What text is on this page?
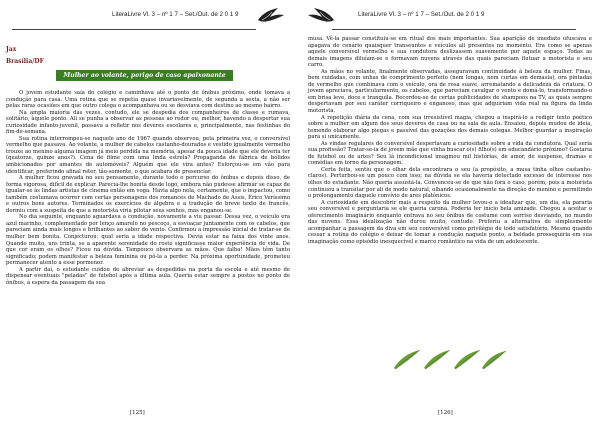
LiteraLivre Vl. 3 – nº 1 7 – Set./Out. de 2 0 1 9
Jax
Brasília/DF
Mulher ao volante, perigo de caso apaixonante

O jovem estudante saía do colégio e caminhava até o ponto de ônibus próximo, onde tomava a condução para casa. Uma rotina que se repetia quase invariavelmente, de segunda a sexta, a não ser pelas raras ocasiões em que outro colega o acompanhava ou se desviava com destino ao mesmo bairro.

Na ampla maioria das vezes, contudo, ele se despedia dos companheiros de classe e rumava, solitário, àquele ponto. Ali se punha a observar as pessoas ao redor ou, melhor, havendo a despertar sua curiosidade infanto-juvenil, passava a refletir nos deveres escolares e, principalmente, nas festinhas do fim-de-semana.

Sua rotina interrompeu-se naquele ano de 1967 quando observou, pela primeira vez, o conversível vermelho que passava. Ao volante, a mulher de cabelos castanho-dourados e vestido igualmente vermelho trouxe ao menino alguma imagem já meio perdida na memória, apesar da pouca idade que ele deveria ter (quatorze, quinze anos?). Cena de filme com uma linda estrela? Propaganda de fábrica de bólidos ambicionados por amantes de automóveis? Alguém que ele vira antes? Esforçou-se em vão para identificar, preferindo afinal reter, tão-somente, o que acabara de presenciar.

A mulher ficou gravada no seu pensamento, durante todo o percurso do ônibus e depois disso, de forma vigorosa, difícil de explicar. Parecia-lhe bonita desde logo, embora não pudesse afirmar se capaz de igualar-se às lindas artistas de cinema então em voga. Havia algo nela, certamente, que o impactou, como também costumava ocorrer com certas personagens dos romances de Machado de Assis, Érico Veríssimo e outros bons autores. Terminados os exercícios de álgebra e a tradução do breve texto de francês, dormiu com a suspeita de que a motorista viria pilotar seus sonhos, mas enganou-se.

No dia seguinte, enquanto aguardava a condução, novamente a viu passar. Dessa vez, o veículo era azul marinho, complementado por lenço amarelo no pescoço, a esvoaçar juntamente com os cabelos, que pareciam ainda mais longos e brilhantes ao sabor do vento. Confirmou a impressão inicial de tratar-se de mulher bem bonita. Conjecturou: qual seria a idade respectiva. Devia estar na faixa dos vinte anos. Quando muito, uns trinta, se a aparente serenidade do rosto significasse maior experiência de vida. De que cor eram os olhos? Ficou na dúvida. Tampouco observara as mãos. Que falha! Mãos têm tanto significado; podem manifestar a beleza feminina ou pô-la a perder. Na próxima oportunidade, prometeu permanecer atento a esse pormenor.

A partir daí, o estudante cuidou de abreviar as despedidas na porta da escola e até mesmo de dispensar eventuais "peladas" de futebol após a última aula. Queria estar sempre a postos no ponto de ônibus, à espera da passagem da sua

[125]
LiteraLivre Vl. 3 – nº 1 7 – Set./Out. de 2 0 1 9

musa. Vê-la passar constituiu-se em ritual dos mais importantes. Sua aparição de imediato ofuscava e apagava do cenário quaisquer transeuntes e veículos ali presentes no momento. Era como se apenas aquele conversível vermelho e sua condutora deslizassem suavemente por aquele espaço. Todas as demais imagens diluíam-se e formavam nuvens através das quais pareciam flutuar a motorista e seu carro.

As mãos no volante, finalmente observadas, asseguravam continuidade à beleza da mulher. Finas, bem cuidadas, com unhas de comprimento perfeito (nem longas, nem curtas em demasia), ora pintadas de vermelho que combinava com o veículo, ora de rosa suave, arrematando a delicadeza da criatura. O jovem apreciava, particularmente, os cabelos, que pareciam cavalgar o vento e domá-lo, transformando-o em brisa leve, doce e tranquila. Recordou-se de certas publicidades de shampoos na TV, as quais sempre despertavam por seu caráter corriqueiro e enganoso, mas que adquiriam vida real na figura da linda motorista.

A repetição diária da cena, com sua irresistível magia, chegou a inspirá-lo a redigir texto poético sobre a mulher em algum dos seus deveres de casa ou na sala de aula. Ensaiou, depois mudou de ideia, temendo elaborar algo piegas e passível das gozações dos demais colegas. Melhor guardar a inspiração para si unicamente.

As vindas regulares do conversível despertavam a curiosidade sobre a vida da condutora. Qual seria sua profissão? Tratar-se-ia de jovem mãe que vinha buscar o(s) filho(s) em educandário próximo? Gostaria de futebol ou de artes? Seu lá incondicional imaginou mil histórias, de amor, de suspense, dramas e comédias em torno da personagem.

Certa feita, sentiu que o olhar dela encontrara o seu (a propósito, a musa tinha olhos castanho-claros). Perturbou-se um pouco com isso; na dúvida se ela haveria detectado excesso de interesse nos olhos do estudante. Não queria assustá-la. Convenceu-se de que não fora o caso, porém, pois a motorista continuou a transitar por ali de modo natural, olhando ocasionalmente na direção do menino e permitindo o prolongamento daquele convívio de ares platônicos.

A curiosidade em descobrir mais a respeito da mulher levou-o a idealizar que, um dia, ela pararia seu conversível e perguntaria se ele queria carona. Poderia ter início bela amizade. Chegou a aceitar o oferecimento imaginário enquanto entrava no seu ônibus de costume com sorriso desviando, no mundo das nuvens. Essa idealização não durou muito, contudo. Preferiu a alternativa de simplesmente acompanhar a passagem da diva em seu conversível como privilégio de todo satisfatório. Mesmo quando cessar a rotina do colégio e deixar de tomar a condução naquele ponto, a beldade prosseguiria em sua imaginação como episódio inesquecível e marco romântico na vida de um adolescente.

[126]
